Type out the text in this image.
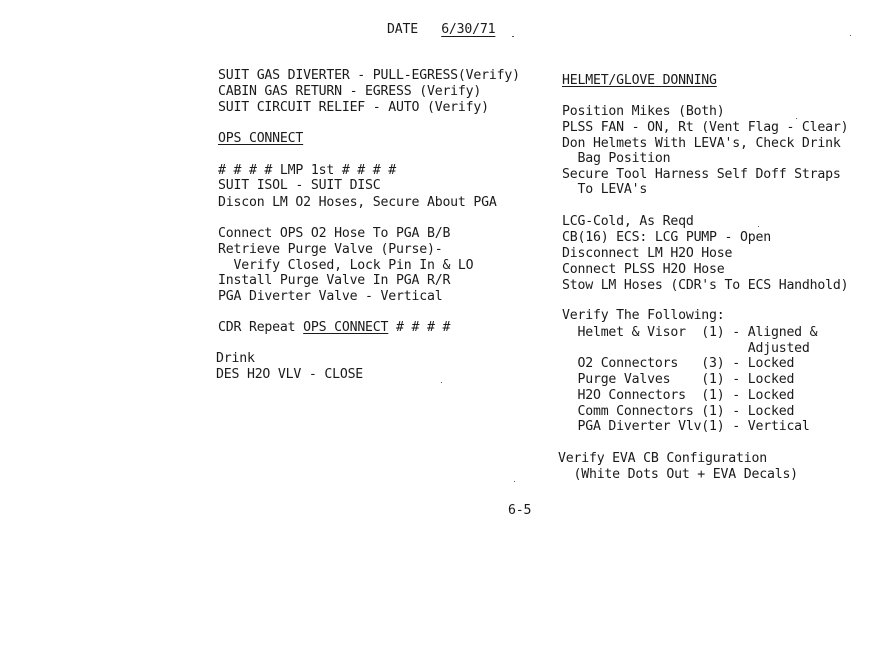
DATE 6/30/71
SUIT GAS DIVERTER - PULL-EGRESS(Verify)
CABIN GAS RETURN - EGRESS (Verify)
SUIT CIRCUIT RELIEF - AUTO (Verify)
OPS CONNECT
# # # # LMP 1st # # # #
SUIT ISOL - SUIT DISC
Discon LM O2 Hoses, Secure About PGA
Connect OPS O2 Hose To PGA B/B
Retrieve Purge Valve (Purse)-
Verify Closed, Lock Pin In & LO
Install Purge Valve In PGA R/R
PGA Diverter Valve - Vertical
CDR Repeat OPS CONNECT # # # #
Drink
DES H2O VLV - CLOSE
HELMET/GLOVE DONNING
Position Mikes (Both)
PLSS FAN - ON, Rt (Vent Flag - Clear)
Don Helmets With LEVA's, Check Drink
Bag Position
Secure Tool Harness Self Doff Straps
To LEVA's
LCG-Cold, As Reqd
CB(16) ECS: LCG PUMP - Open
Disconnect LM H2O Hose
Connect PLSS H2O Hose
Stow LM Hoses (CDR's To ECS Handhold)
Verify The Following:
Helmet & Visor  (1) - Aligned &
Adjusted
O2 Connectors   (3) - Locked
Purge Valves    (1) - Locked
H2O Connectors  (1) - Locked
Comm Connectors (1) - Locked
PGA Diverter Vlv(1) - Vertical
Verify EVA CB Configuration
(White Dots Out + EVA Decals)
6-5
